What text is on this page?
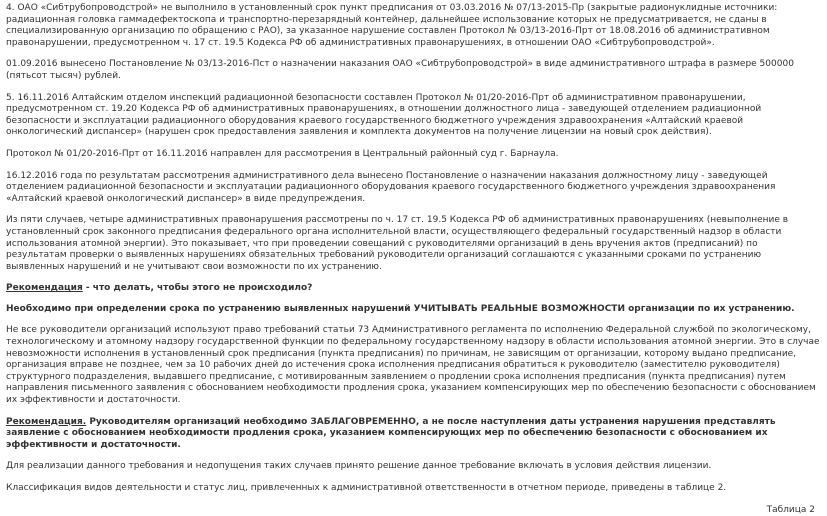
4. ОАО «Сибтрубопроводстрой» не выполнило в установленный срок пункт предписания от 03.03.2016 № 07/13-2015-Пр (закрытые радионуклидные источники: радиационная головка гаммадефектоскопа и транспортно-перезарядный контейнер, дальнейшее использование которых не предусматривается, не сданы в специализированную организацию по обращению с РАО), за указанное нарушение составлен Протокол № 03/13-2016-Прт от 18.08.2016 об административном правонарушении, предусмотренном ч. 17 ст. 19.5 Кодекса РФ об административных правонарушениях, в отношении ОАО «Сибтрубопроводстрой».

01.09.2016 вынесено Постановление № 03/13-2016-Пст о назначении наказания ОАО «Сибтрубопроводстрой» в виде административного штрафа в размере 500000 (пятьсот тысяч) рублей.

5. 16.11.2016 Алтайским отделом инспекций радиационной безопасности составлен Протокол № 01/20-2016-Прт об административном правонарушении, предусмотренном ст. 19.20 Кодекса РФ об административных правонарушениях, в отношении должностного лица - заведующей отделением радиационной безопасности и эксплуатации радиационного оборудования краевого государственного бюджетного учреждения здравоохранения «Алтайский краевой онкологический диспансер» (нарушен срок предоставления заявления и комплекта документов на получение лицензии на новый срок действия).

Протокол № 01/20-2016-Прт от 16.11.2016 направлен для рассмотрения в Центральный районный суд г. Барнаула.

16.12.2016 года по результатам рассмотрения административного дела вынесено Постановление о назначении наказания должностному лицу - заведующей отделением радиационной безопасности и эксплуатации радиационного оборудования краевого государственного бюджетного учреждения здравоохранения «Алтайский краевой онкологический диспансер» в виде предупреждения.

Из пяти случаев, четыре административных правонарушения рассмотрены по ч. 17 ст. 19.5 Кодекса РФ об административных правонарушениях (невыполнение в установленный срок законного предписания федерального органа исполнительной власти, осуществляющего федеральный государственный надзор в области использования атомной энергии). Это показывает, что при проведении совещаний с руководителями организаций в день вручения актов (предписаний) по результатам проверки о выявленных нарушениях обязательных требований руководители организаций соглашаются с указанными сроками по устранению выявленных нарушений и не учитывают свои возможности по их устранению.

Рекомендация - что делать, чтобы этого не происходило?

Необходимо при определении срока по устранению выявленных нарушений УЧИТЫВАТЬ РЕАЛЬНЫЕ ВОЗМОЖНОСТИ организации по их устранению.

Не все руководители организаций используют право требований статьи 73 Административного регламента по исполнению Федеральной службой по экологическому, технологическому и атомному надзору государственной функции по федеральному государственному надзору в области использования атомной энергии. Это в случае невозможности исполнения в установленный срок предписания (пункта предписания) по причинам, не зависящим от организации, которому выдано предписание, организация вправе не позднее, чем за 10 рабочих дней до истечения срока исполнения предписания обратиться к руководителю (заместителю руководителя) структурного подразделения, выдавшего предписание, с мотивированным заявлением о продлении срока исполнения предписания (пункта предписания) путем направления письменного заявления с обоснованием необходимости продления срока, указанием компенсирующих мер по обеспечению безопасности с обоснованием их эффективности и достаточности.

Рекомендация. Руководителям организаций необходимо ЗАБЛАГОВРЕМЕННО, а не после наступления даты устранения нарушения представлять заявление с обоснованием необходимости продления срока, указанием компенсирующих мер по обеспечению безопасности с обоснованием их эффективности и достаточности.

Для реализации данного требования и недопущения таких случаев принято решение данное требование включать в условия действия лицензии.

Классификация видов деятельности и статус лиц, привлеченных к административной ответственности в отчетном периоде, приведены в таблице 2.

Таблица 2
